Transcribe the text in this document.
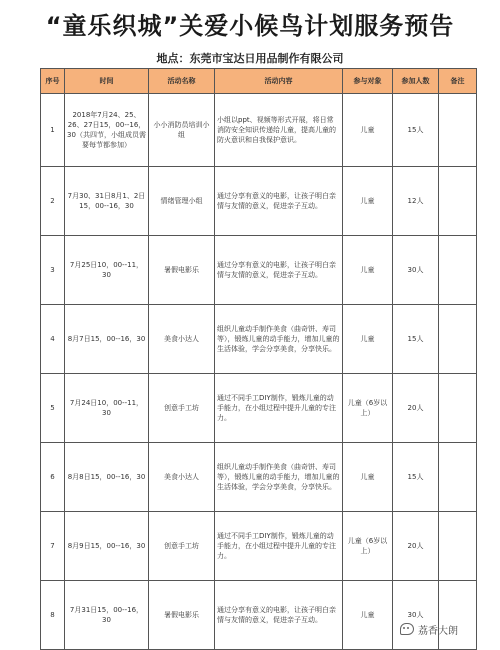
“童乐织城”关爱小候鸟计划服务预告
地点：东莞市宝达日用品制作有限公司
序号	时间	活动名称	活动内容	参与对象	参加人数	备注
1	2018年7月24、25、26、27日15，00--16，30（共四节，小组成员需要每节都参加）	小小消防员培训小组	小组以ppt、视频等形式开展，将日常消防安全知识传递给儿童，提高儿童的防火意识和自我保护意识。	儿童	15人	
2	7月30、31日8月1、2日15，00--16，30	情绪管理小组	通过分享有意义的电影，让孩子明白亲情与友情的意义，促进亲子互动。	儿童	12人	
3	7月25日10，00--11，30	暑假电影乐	通过分享有意义的电影，让孩子明白亲情与友情的意义，促进亲子互动。	儿童	30人	
4	8月7日15，00--16，30	美食小达人	组织儿童动手制作美食（曲奇饼、寿司等），锻炼儿童的动手能力，增加儿童的生活体验，学会分享美食，分享快乐。	儿童	15人	
5	7月24日10，00--11，30	创意手工坊	通过不同手工DIY制作，锻炼儿童的动手能力，在小组过程中提升儿童的专注力。	儿童（6岁以上）	20人	
6	8月8日15，00--16，30	美食小达人	组织儿童动手制作美食（曲奇饼、寿司等），锻炼儿童的动手能力，增加儿童的生活体验，学会分享美食，分享快乐。	儿童	15人	
7	8月9日15，00--16，30	创意手工坊	通过不同手工DIY制作，锻炼儿童的动手能力，在小组过程中提升儿童的专注力。	儿童（6岁以上）	20人	
8	7月31日15，00--16，30	暑假电影乐	通过分享有意义的电影，让孩子明白亲情与友情的意义，促进亲子互动。	儿童	30人	
荔香大朗
